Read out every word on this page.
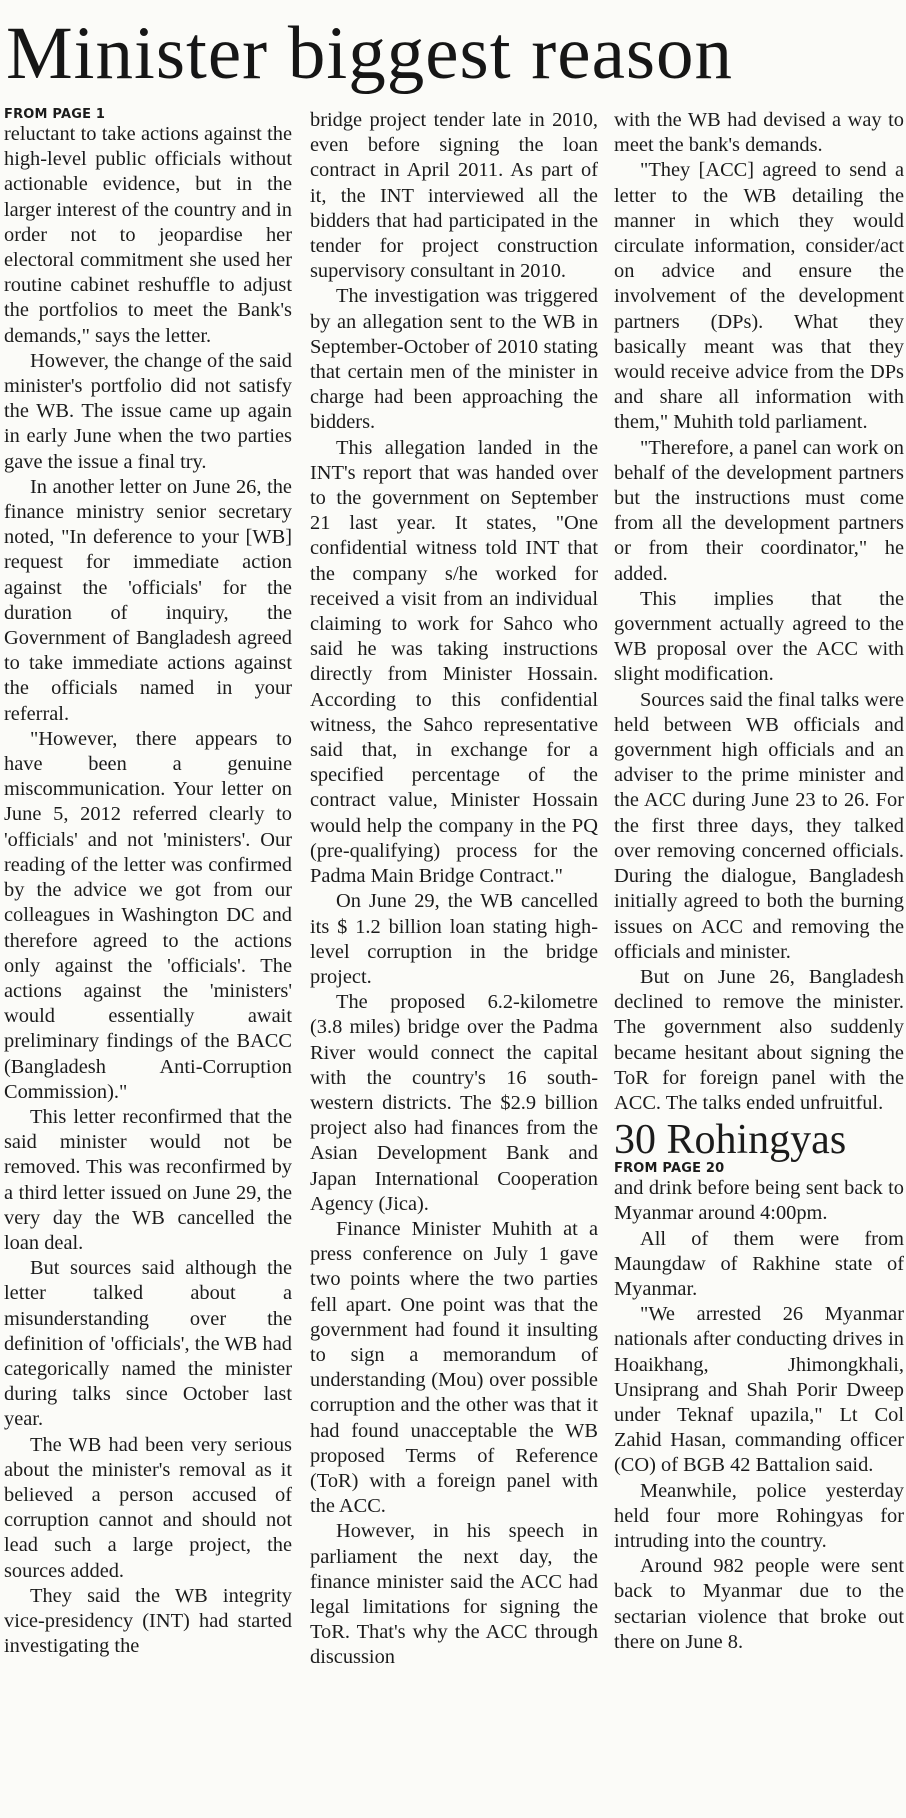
Minister biggest reason
FROM PAGE 1

reluctant to take actions against the high-level public officials without actionable evidence, but in the larger interest of the country and in order not to jeopardise her electoral commitment she used her routine cabinet reshuffle to adjust the portfolios to meet the Bank's demands," says the letter.

However, the change of the said minister's portfolio did not satisfy the WB. The issue came up again in early June when the two parties gave the issue a final try.

In another letter on June 26, the finance ministry senior secretary noted, "In deference to your [WB] request for immediate action against the 'officials' for the duration of inquiry, the Government of Bangladesh agreed to take immediate actions against the officials named in your referral.

"However, there appears to have been a genuine miscommunication. Your letter on June 5, 2012 referred clearly to 'officials' and not 'ministers'. Our reading of the letter was confirmed by the advice we got from our colleagues in Washington DC and therefore agreed to the actions only against the 'officials'. The actions against the 'ministers' would essentially await preliminary findings of the BACC (Bangladesh Anti-Corruption Commission)."

This letter reconfirmed that the said minister would not be removed. This was reconfirmed by a third letter issued on June 29, the very day the WB cancelled the loan deal.

But sources said although the letter talked about a misunderstanding over the definition of 'officials', the WB had categorically named the minister during talks since October last year.

The WB had been very serious about the minister's removal as it believed a person accused of corruption cannot and should not lead such a large project, the sources added.

They said the WB integrity vice-presidency (INT) had started investigating the

bridge project tender late in 2010, even before signing the loan contract in April 2011. As part of it, the INT interviewed all the bidders that had participated in the tender for project construction supervisory consultant in 2010.

The investigation was triggered by an allegation sent to the WB in September-October of 2010 stating that certain men of the minister in charge had been approaching the bidders.

This allegation landed in the INT's report that was handed over to the government on September 21 last year. It states, "One confidential witness told INT that the company s/he worked for received a visit from an individual claiming to work for Sahco who said he was taking instructions directly from Minister Hossain. According to this confidential witness, the Sahco representative said that, in exchange for a specified percentage of the contract value, Minister Hossain would help the company in the PQ (pre-qualifying) process for the Padma Main Bridge Contract."

On June 29, the WB cancelled its $ 1.2 billion loan stating high-level corruption in the bridge project.

The proposed 6.2-kilometre (3.8 miles) bridge over the Padma River would connect the capital with the country's 16 south-western districts. The $2.9 billion project also had finances from the Asian Development Bank and Japan International Cooperation Agency (Jica).

Finance Minister Muhith at a press conference on July 1 gave two points where the two parties fell apart. One point was that the government had found it insulting to sign a memorandum of understanding (Mou) over possible corruption and the other was that it had found unacceptable the WB proposed Terms of Reference (ToR) with a foreign panel with the ACC.

However, in his speech in parliament the next day, the finance minister said the ACC had legal limitations for signing the ToR. That's why the ACC through discussion

with the WB had devised a way to meet the bank's demands.

"They [ACC] agreed to send a letter to the WB detailing the manner in which they would circulate information, consider/act on advice and ensure the involvement of the development partners (DPs). What they basically meant was that they would receive advice from the DPs and share all information with them," Muhith told parliament.

"Therefore, a panel can work on behalf of the development partners but the instructions must come from all the development partners or from their coordinator," he added.

This implies that the government actually agreed to the WB proposal over the ACC with slight modification.

Sources said the final talks were held between WB officials and government high officials and an adviser to the prime minister and the ACC during June 23 to 26. For the first three days, they talked over removing concerned officials. During the dialogue, Bangladesh initially agreed to both the burning issues on ACC and removing the officials and minister.

But on June 26, Bangladesh declined to remove the minister. The government also suddenly became hesitant about signing the ToR for foreign panel with the ACC. The talks ended unfruitful.

30 Rohingyas
FROM PAGE 20

and drink before being sent back to Myanmar around 4:00pm.

All of them were from Maungdaw of Rakhine state of Myanmar.

"We arrested 26 Myanmar nationals after conducting drives in Hoaikhang, Jhimongkhali, Unsiprang and Shah Porir Dweep under Teknaf upazila," Lt Col Zahid Hasan, commanding officer (CO) of BGB 42 Battalion said.

Meanwhile, police yesterday held four more Rohingyas for intruding into the country.

Around 982 people were sent back to Myanmar due to the sectarian violence that broke out there on June 8.
